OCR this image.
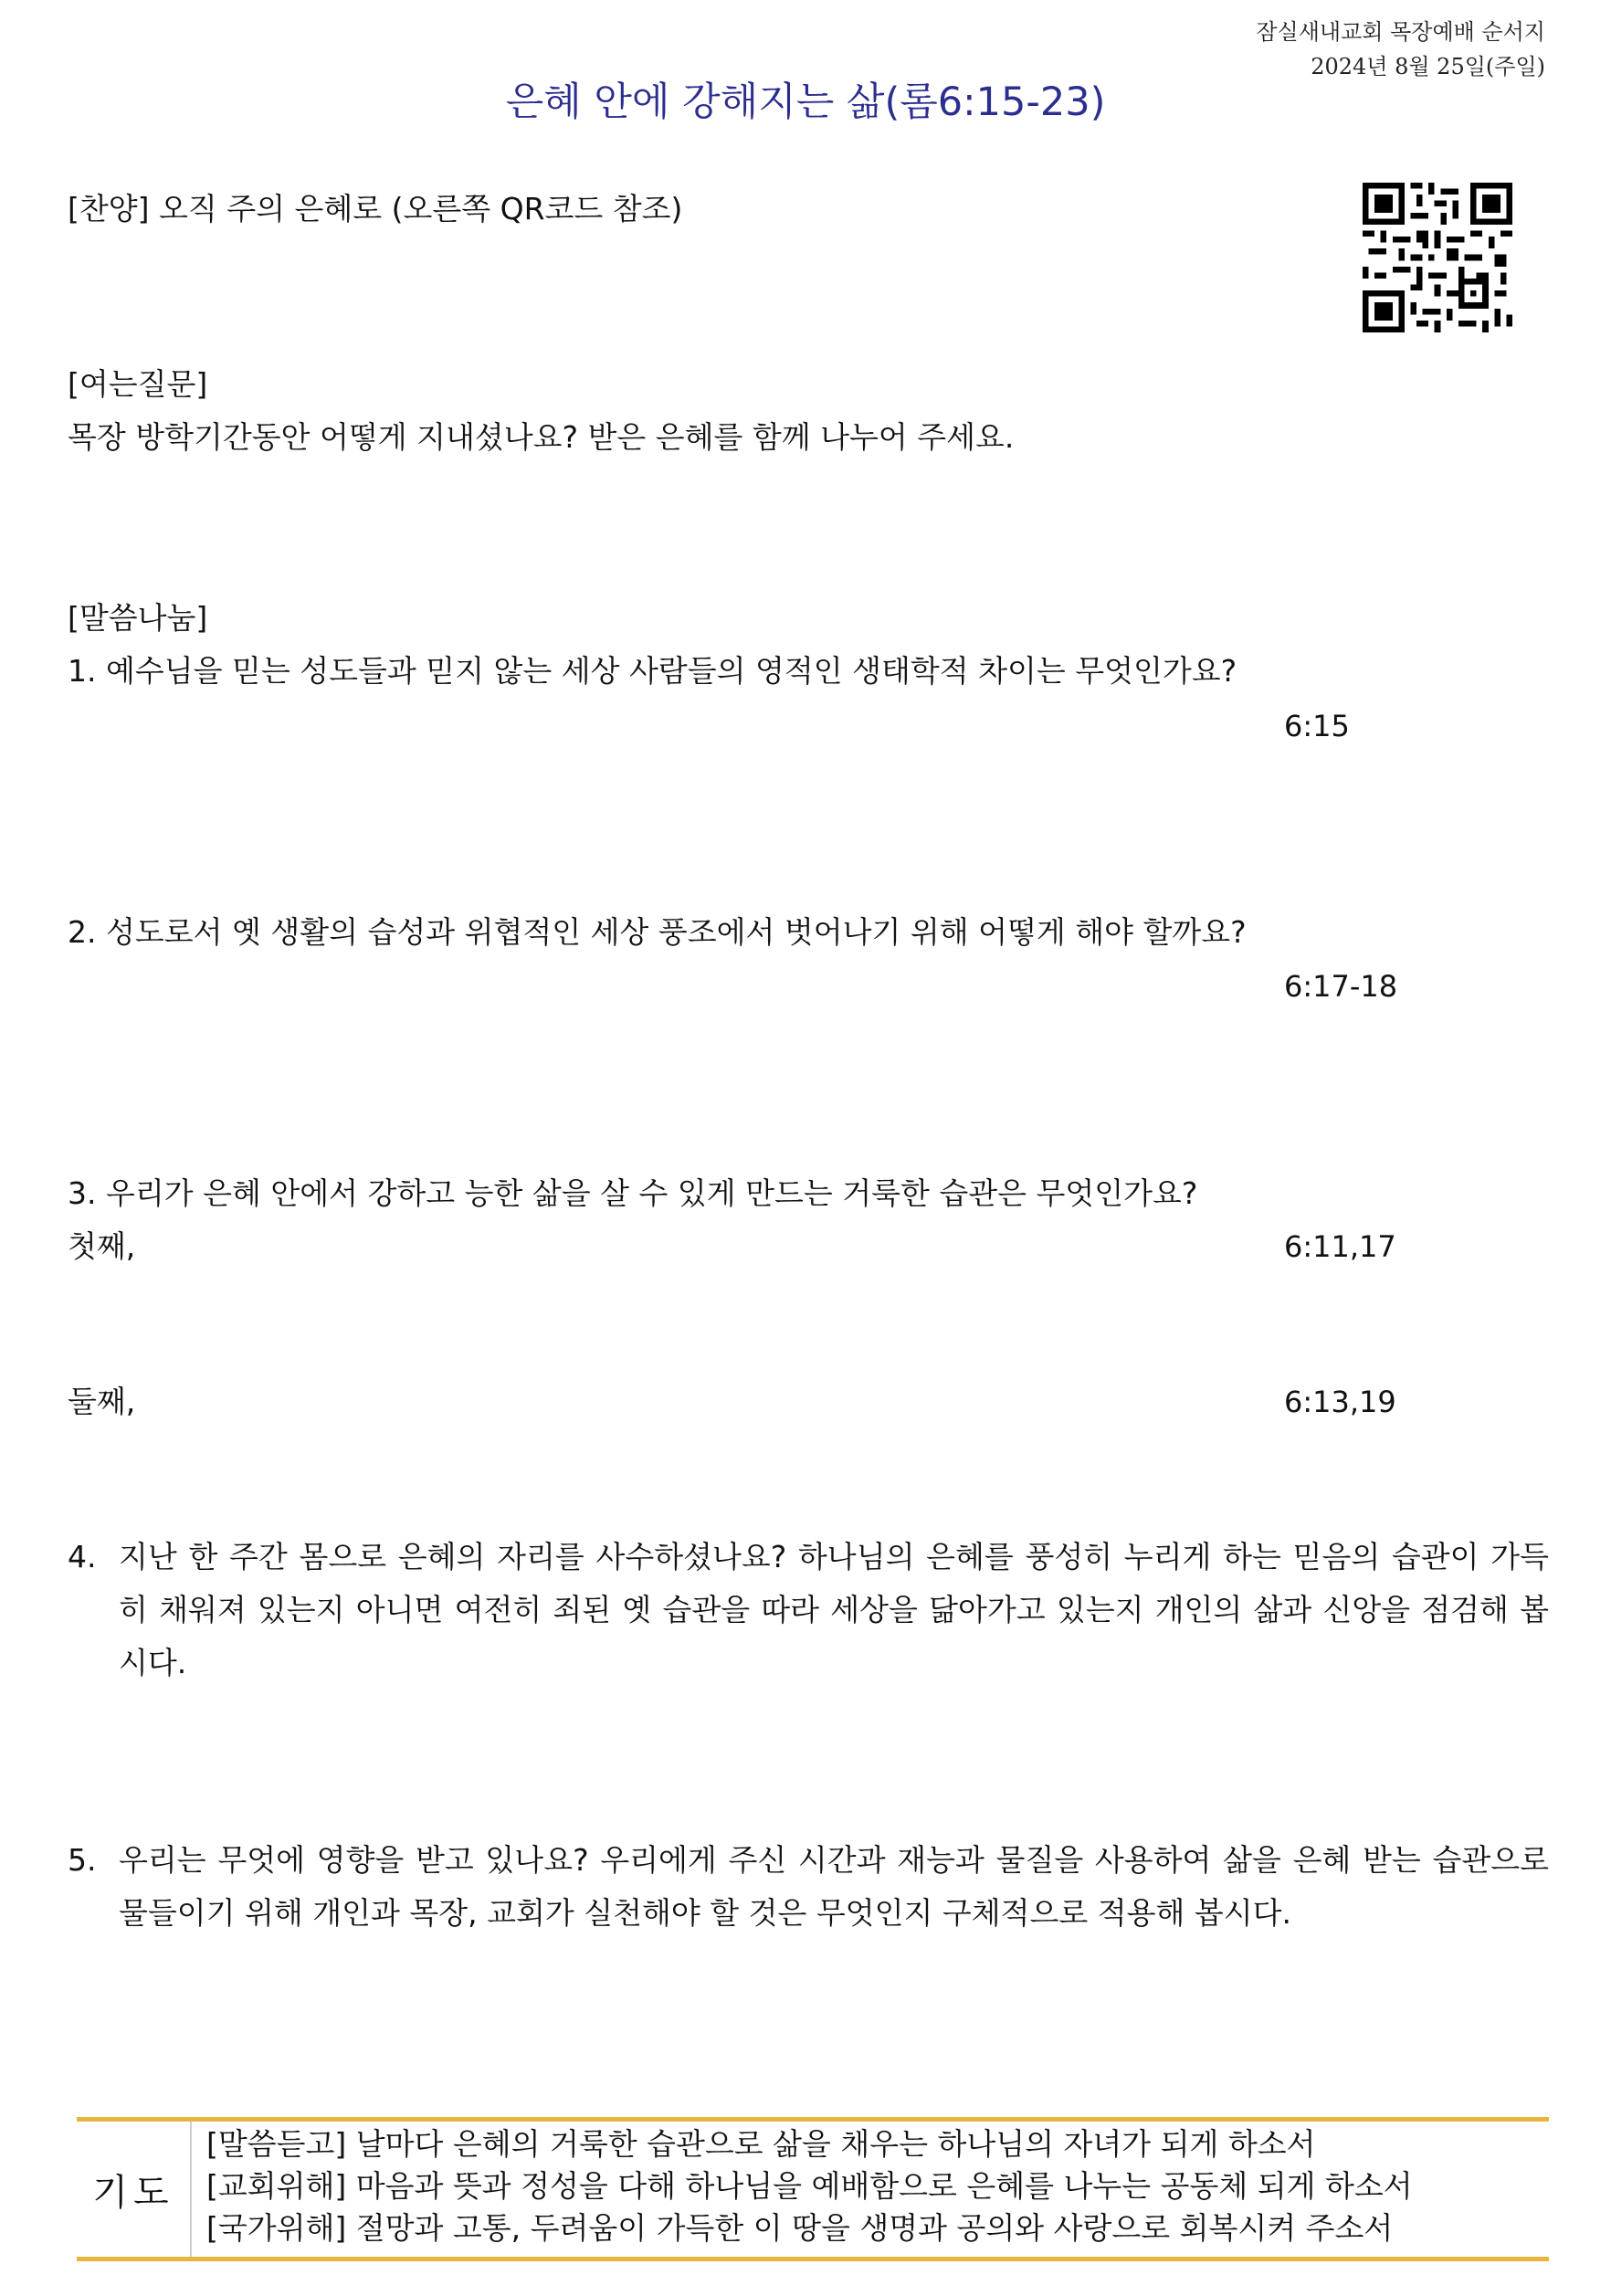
잠실새내교회 목장예배 순서지
2024년 8월 25일(주일)
은혜 안에 강해지는 삶(롬6:15-23)
[찬양] 오직 주의 은혜로 (오른쪽 QR코드 참조)
[여는질문]
목장 방학기간동안 어떻게 지내셨나요? 받은 은혜를 함께 나누어 주세요.
[말씀나눔]
1. 예수님을 믿는 성도들과 믿지 않는 세상 사람들의 영적인 생태학적 차이는 무엇인가요?
6:15
2. 성도로서 옛 생활의 습성과 위협적인 세상 풍조에서 벗어나기 위해 어떻게 해야 할까요?
6:17-18
3. 우리가 은혜 안에서 강하고 능한 삶을 살 수 있게 만드는 거룩한 습관은 무엇인가요?
첫째,	6:11,17
둘째,	6:13,19
4. 지난 한 주간 몸으로 은혜의 자리를 사수하셨나요? 하나님의 은혜를 풍성히 누리게 하는 믿음의 습관이 가득히 채워져 있는지 아니면 여전히 죄된 옛 습관을 따라 세상을 닮아가고 있는지 개인의 삶과 신앙을 점검해 봅시다.
5. 우리는 무엇에 영향을 받고 있나요? 우리에게 주신 시간과 재능과 물질을 사용하여 삶을 은혜 받는 습관으로 물들이기 위해 개인과 목장, 교회가 실천해야 할 것은 무엇인지 구체적으로 적용해 봅시다.
기도
[말씀듣고] 날마다 은혜의 거룩한 습관으로 삶을 채우는 하나님의 자녀가 되게 하소서
[교회위해] 마음과 뜻과 정성을 다해 하나님을 예배함으로 은혜를 나누는 공동체 되게 하소서
[국가위해] 절망과 고통, 두려움이 가득한 이 땅을 생명과 공의와 사랑으로 회복시켜 주소서
